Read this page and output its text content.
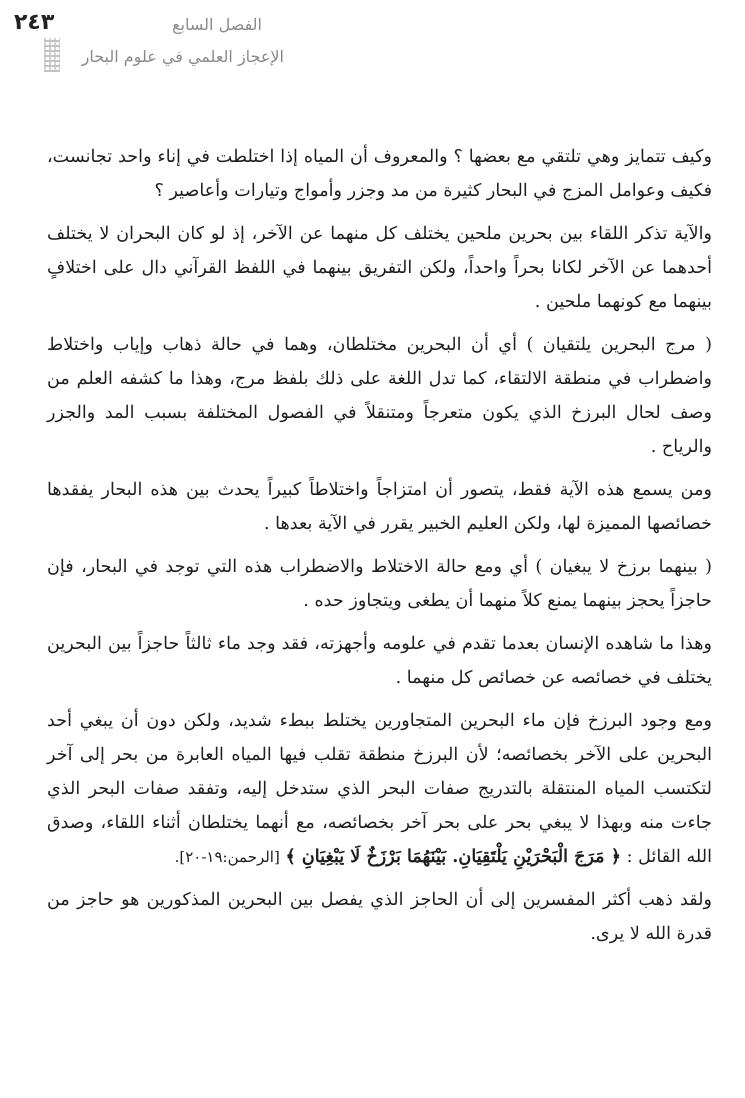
٢٤٣	الفصل السابع
الإعجاز العلمي في علوم البحار

وكيف تتمايز وهي تلتقي مع بعضها ؟ والمعروف أن المياه إذا اختلطت في إناء واحد تجانست، فكيف وعوامل المزج في البحار كثيرة من مد وجزر وأمواج وتيارات وأعاصير ؟

والآية تذكر اللقاء بين بحرين ملحين يختلف كل منهما عن الآخر، إذ لو كان البحران لا يختلف أحدهما عن الآخر لكانا بحراً واحداً، ولكن التفريق بينهما في اللفظ القرآني دال على اختلافٍ بينهما مع كونهما ملحين .

( مرج البحرين يلتقيان ) أي أن البحرين مختلطان، وهما في حالة ذهاب وإياب واختلاط واضطراب في منطقة الالتقاء، كما تدل اللغة على ذلك بلفظ مرج، وهذا ما كشفه العلم من وصف لحال البرزخ الذي يكون متعرجاً ومتنقلاً في الفصول المختلفة بسبب المد والجزر والرياح .

ومن يسمع هذه الآية فقط، يتصور أن امتزاجاً واختلاطاً كبيراً يحدث بين هذه البحار يفقدها خصائصها المميزة لها، ولكن العليم الخبير يقرر في الآية بعدها .

( بينهما برزخ لا يبغيان ) أي ومع حالة الاختلاط والاضطراب هذه التي توجد في البحار، فإن حاجزاً يحجز بينهما يمنع كلاً منهما أن يطغى ويتجاوز حده .

وهذا ما شاهده الإنسان بعدما تقدم في علومه وأجهزته، فقد وجد ماء ثالثاً حاجزاً بين البحرين يختلف في خصائصه عن خصائص كل منهما .

ومع وجود البرزخ فإن ماء البحرين المتجاورين يختلط ببطء شديد، ولكن دون أن يبغي أحد البحرين على الآخر بخصائصه؛ لأن البرزخ منطقة تقلب فيها المياه العابرة من بحر إلى آخر لتكتسب المياه المنتقلة بالتدريج صفات البحر الذي ستدخل إليه، وتفقد صفات البحر الذي جاءت منه وبهذا لا يبغي بحر على بحر آخر بخصائصه، مع أنهما يختلطان أثناء اللقاء، وصدق الله القائل : ﴿ مَرَجَ الْبَحْرَيْنِ يَلْتَقِيَانِ. بَيْنَهُمَا بَرْزَخٌ لَا يَبْغِيَانِ ﴾ [الرحمن:١٩-٢٠].

ولقد ذهب أكثر المفسرين إلى أن الحاجز الذي يفصل بين البحرين المذكورين هو حاجز من قدرة الله لا يرى.
